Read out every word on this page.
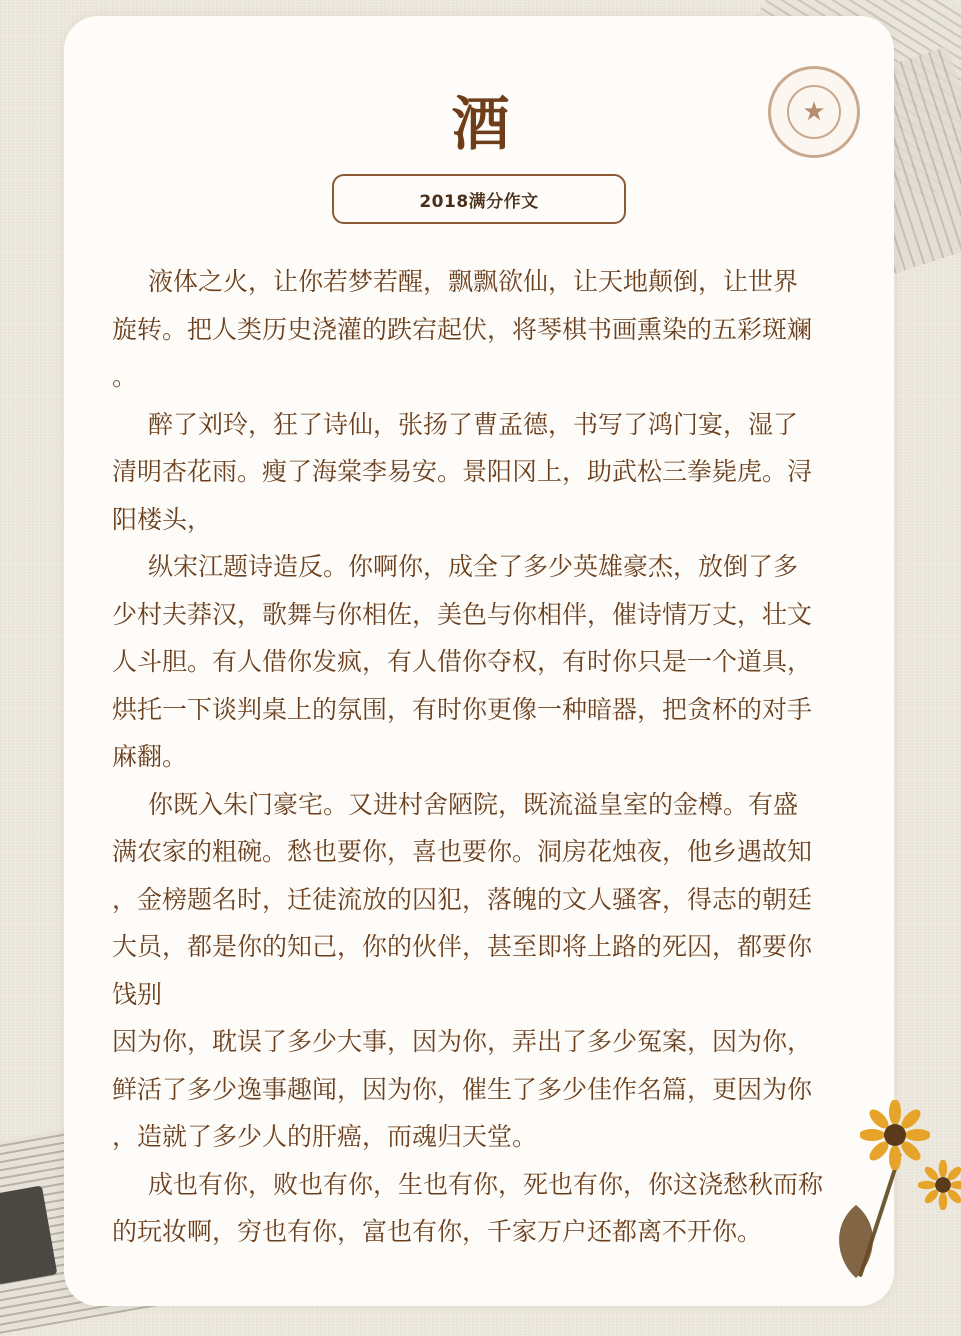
★
酒
2018满分作文
液体之火，让你若梦若醒，飘飘欲仙，让天地颠倒，让世界
旋转。把人类历史浇灌的跌宕起伏，将琴棋书画熏染的五彩斑斓
。
醉了刘玲，狂了诗仙，张扬了曹孟德，书写了鸿门宴，湿了
清明杏花雨。瘦了海棠李易安。景阳冈上，助武松三拳毙虎。浔
阳楼头，
纵宋江题诗造反。你啊你，成全了多少英雄豪杰，放倒了多
少村夫莽汉，歌舞与你相佐，美色与你相伴，催诗情万丈，壮文
人斗胆。有人借你发疯，有人借你夺权，有时你只是一个道具，
烘托一下谈判桌上的氛围，有时你更像一种暗器，把贪杯的对手
麻翻。
你既入朱门豪宅。又进村舍陋院，既流溢皇室的金樽。有盛
满农家的粗碗。愁也要你，喜也要你。洞房花烛夜，他乡遇故知
，金榜题名时，迁徒流放的囚犯，落魄的文人骚客，得志的朝廷
大员，都是你的知己，你的伙伴，甚至即将上路的死囚，都要你
饯别
因为你，耽误了多少大事，因为你，弄出了多少冤案，因为你，
鲜活了多少逸事趣闻，因为你，催生了多少佳作名篇，更因为你
，造就了多少人的肝癌，而魂归天堂。
成也有你，败也有你，生也有你，死也有你，你这浇愁秋而称
的玩妆啊，穷也有你，富也有你，千家万户还都离不开你。
